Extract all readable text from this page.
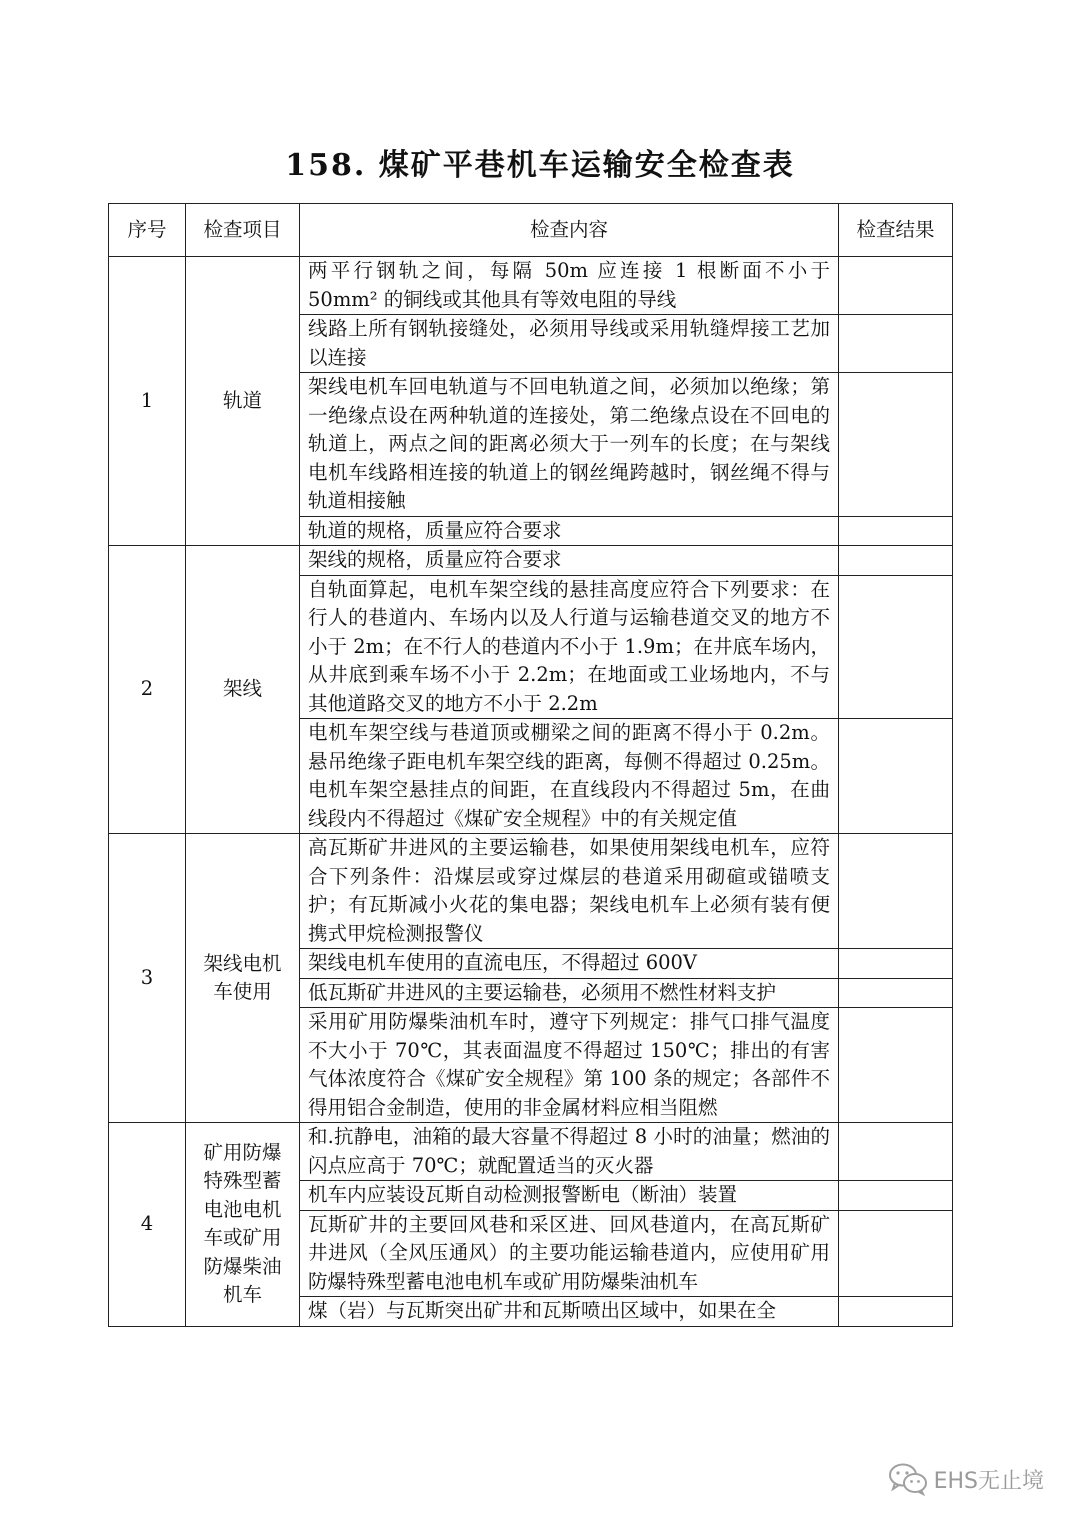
158. 煤矿平巷机车运输安全检查表
序号	检查项目	检查内容	检查结果
1	轨道	两平行钢轨之间，每隔 50m 应连接 1 根断面不小于 50mm² 的铜线或其他具有等效电阻的导线	
		线路上所有钢轨接缝处，必须用导线或采用轨缝焊接工艺加以连接	
		架线电机车回电轨道与不回电轨道之间，必须加以绝缘；第一绝缘点设在两种轨道的连接处，第二绝缘点设在不回电的轨道上，两点之间的距离必须大于一列车的长度；在与架线电机车线路相连接的轨道上的钢丝绳跨越时，钢丝绳不得与轨道相接触	
		轨道的规格，质量应符合要求	
2	架线	架线的规格，质量应符合要求	
		自轨面算起，电机车架空线的悬挂高度应符合下列要求：在行人的巷道内、车场内以及人行道与运输巷道交叉的地方不小于 2m；在不行人的巷道内不小于 1.9m；在井底车场内，从井底到乘车场不小于 2.2m；在地面或工业场地内，不与其他道路交叉的地方不小于 2.2m	
		电机车架空线与巷道顶或棚梁之间的距离不得小于 0.2m。悬吊绝缘子距电机车架空线的距离，每侧不得超过 0.25m。电机车架空悬挂点的间距，在直线段内不得超过 5m，在曲线段内不得超过《煤矿安全规程》中的有关规定值	
3	架线电机车使用	高瓦斯矿井进风的主要运输巷，如果使用架线电机车，应符合下列条件：沿煤层或穿过煤层的巷道采用砌碹或锚喷支护；有瓦斯减小火花的集电器；架线电机车上必须有装有便携式甲烷检测报警仪	
		架线电机车使用的直流电压，不得超过 600Ⅴ	
		低瓦斯矿井进风的主要运输巷，必须用不燃性材料支护	
		采用矿用防爆柴油机车时，遵守下列规定：排气口排气温度不大小于 70℃，其表面温度不得超过 150℃；排出的有害气体浓度符合《煤矿安全规程》第 100 条的规定；各部件不得用铝合金制造，使用的非金属材料应相当阻燃	
4	矿用防爆特殊型蓄电池电机车或矿用防爆柴油机车	和.抗静电，油箱的最大容量不得超过 8 小时的油量；燃油的闪点应高于 70℃；就配置适当的灭火器	
		机车内应装设瓦斯自动检测报警断电（断油）装置	
		瓦斯矿井的主要回风巷和采区进、回风巷道内，在高瓦斯矿井进风（全风压通风）的主要功能运输巷道内，应使用矿用防爆特殊型蓄电池电机车或矿用防爆柴油机车	
		煤（岩）与瓦斯突出矿井和瓦斯喷出区域中，如果在全	
EHS无止境
